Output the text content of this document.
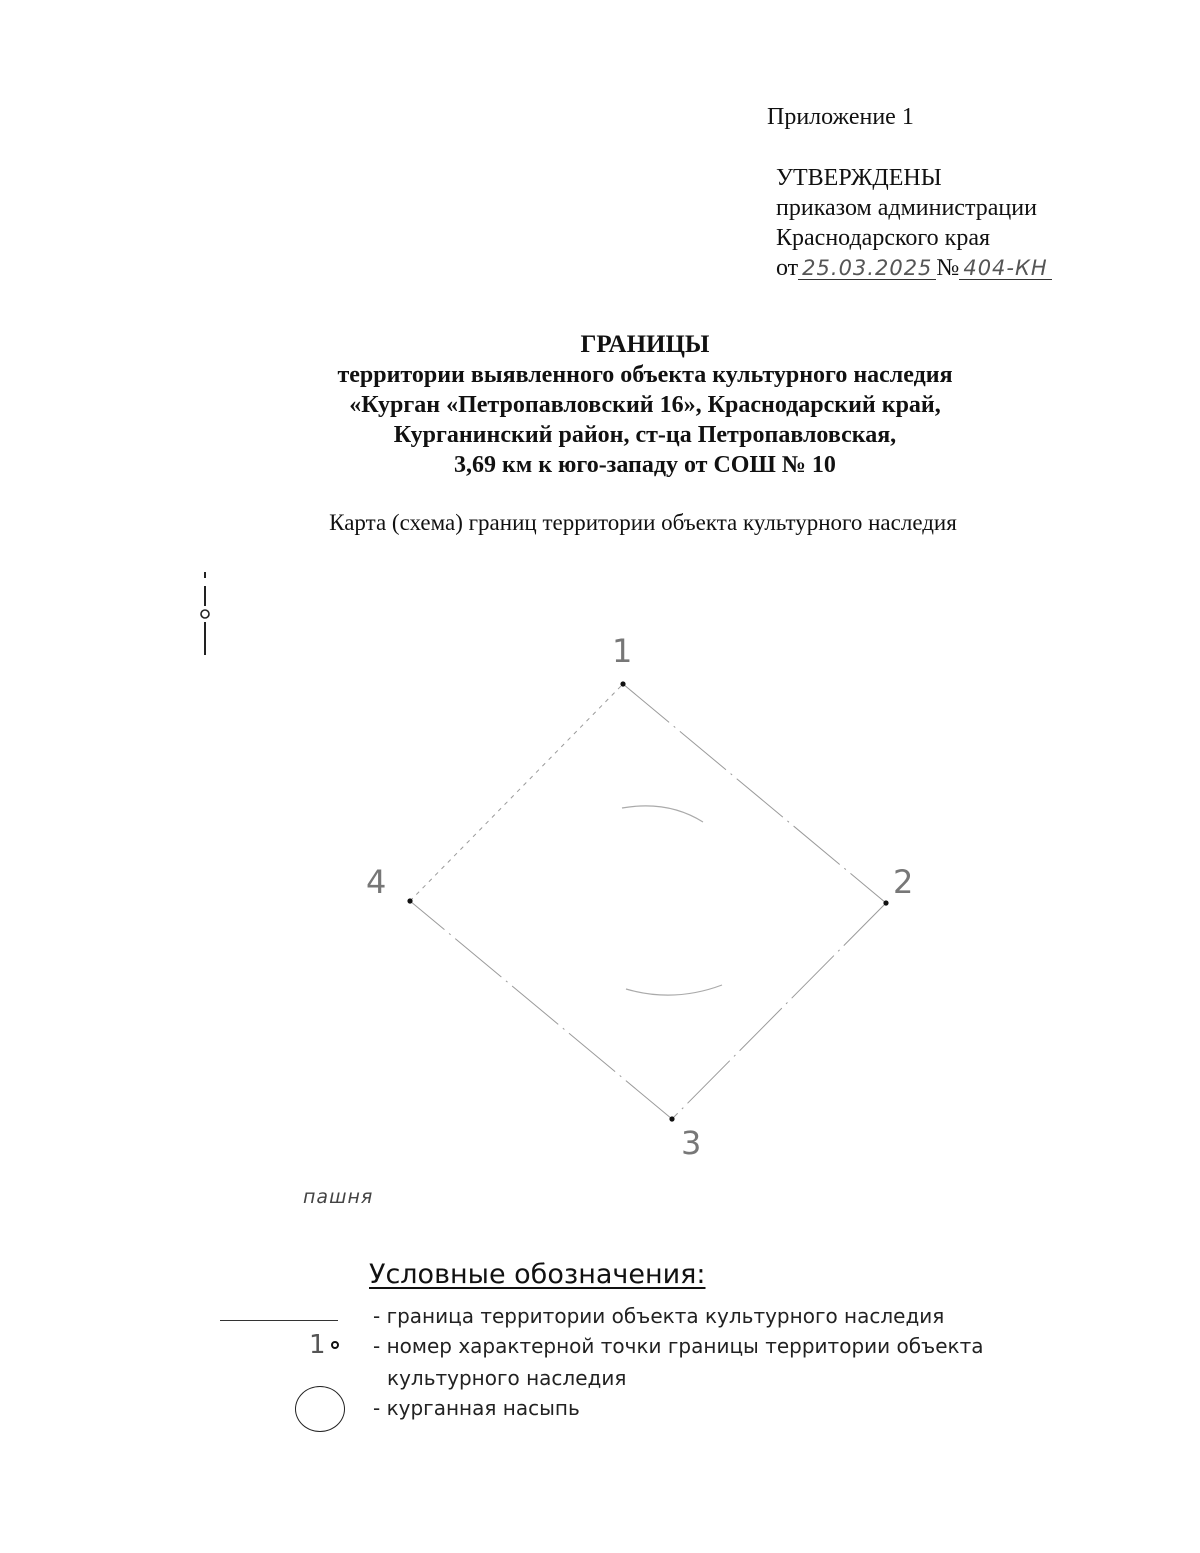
Приложение 1
УТВЕРЖДЕНЫ
приказом администрации
Краснодарского края
от 25.03.2025 № 404-КН
ГРАНИЦЫ
территории выявленного объекта культурного наследия
«Курган «Петропавловский 16», Краснодарский край,
Курганинский район, ст-ца Петропавловская,
3,69 км к юго-западу от СОШ № 10
Карта (схема) границ территории объекта культурного наследия
1
2
3
4
пашня
Условные обозначения:
- граница территории объекта культурного наследия
1 - номер характерной точки границы территории объекта
культурного наследия
- курганная насыпь
